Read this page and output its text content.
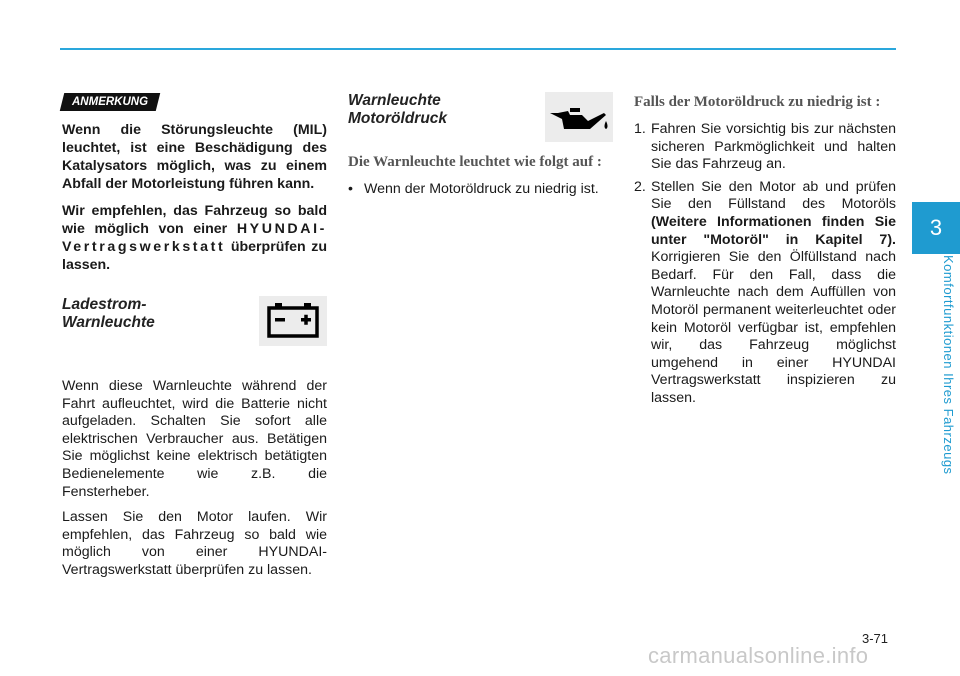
3
Komfortfunktionen Ihres Fahrzeugs
ANMERKUNG

Wenn die Störungsleuchte (MIL) leuchtet, ist eine Beschädigung des Katalysators möglich, was zu einem Abfall der Motorleistung führen kann.

Wir empfehlen, das Fahrzeug so bald wie möglich von einer HYUNDAI-Vertragswerkstatt überprüfen zu lassen.

Ladestrom-Warnleuchte

Wenn diese Warnleuchte während der Fahrt aufleuchtet, wird die Batterie nicht aufgeladen. Schalten Sie sofort alle elektrischen Verbraucher aus. Betätigen Sie möglichst keine elektrisch betätigten Bedienelemente wie z.B. die Fensterheber.

Lassen Sie den Motor laufen. Wir empfehlen, das Fahrzeug so bald wie möglich von einer HYUNDAI-Vertragswerkstatt überprüfen zu lassen.

Warnleuchte Motoröldruck

Die Warnleuchte leuchtet wie folgt auf :

• Wenn der Motoröldruck zu niedrig ist.

Falls der Motoröldruck zu niedrig ist :

1. Fahren Sie vorsichtig bis zur nächsten sicheren Parkmöglichkeit und halten Sie das Fahrzeug an.
2. Stellen Sie den Motor ab und prüfen Sie den Füllstand des Motoröls (Weitere Informationen finden Sie unter "Motoröl" in Kapitel 7). Korrigieren Sie den Ölfüllstand nach Bedarf. Für den Fall, dass die Warnleuchte nach dem Auffüllen von Motoröl permanent weiterleuchtet oder kein Motoröl verfügbar ist, empfehlen wir, das Fahrzeug möglichst umgehend in einer HYUNDAI Vertragswerkstatt inspizieren zu lassen.
3-71
carmanualsonline.info
